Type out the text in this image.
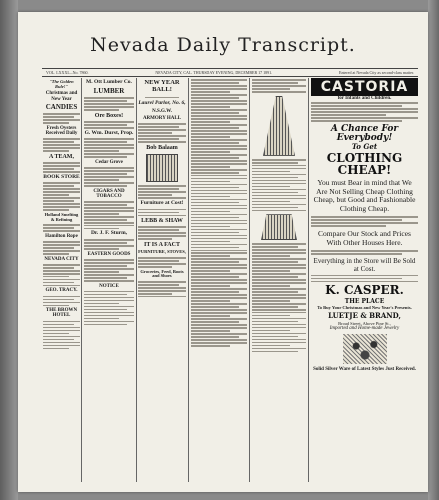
Nevada Daily Transcript.
VOL. LXXXI—No. 7860.	NEVADA CITY, CAL. THURSDAY EVENING, DECEMBER 17 1891.	Entered at Nevada City as second-class matter.
"The Golden Rule!"
Christmas and New Year
CANDIES
Fresh Oysters Received Daily
A TEAM,
BOOK STORE
Holland Smelting & Refining
Hamilton Rope
NEVADA CITY
GEO. TRACY.
THE BROWN HOTEL
M. Ott Lumber Co.
LUMBER
Ore Boxes!
G. Wm. Durst, Prop.
Cedar Grove
CIGARS AND TOBACCO
Dr. J. F. Sturm,
EASTERN GOODS
NOTICE
NEW YEAR BALL!
Laurel Parlor, No. 6,
N.S.G.W.
ARMORY HALL
Bob Balaam
Furniture at Cost!
LEBB & SHAW
IT IS A FACT
FURNITURE, STOVES,
Groceries, Feed, Boots and Shoes
CASTORIA
for Infants and Children.
A Chance For Everybody!
To Get
CLOTHING CHEAP!
You must Bear in mind that We Are Not Selling Cheap Clothing Cheap, but Good and Fashionable Clothing Cheap.
Compare Our Stock and Prices With Other Houses Here.
Everything in the Store will Be Sold at Cost.
K. CASPER.
THE PLACE
To Buy Your Christmas and New Year's Presents.
LUETJE & BRAND,
Broad Street, Above Pine St.,
Imported and Home-made Jewelry
Solid Silver Ware of Latest Styles Just Received.
